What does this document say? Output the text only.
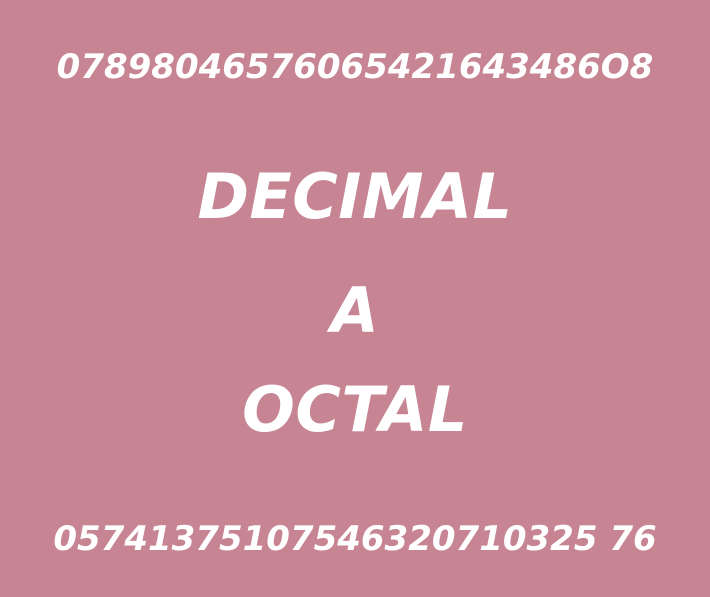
07898046576065421643486O8
DECIMAL
A
OCTAL
05741375107546320710325 76
